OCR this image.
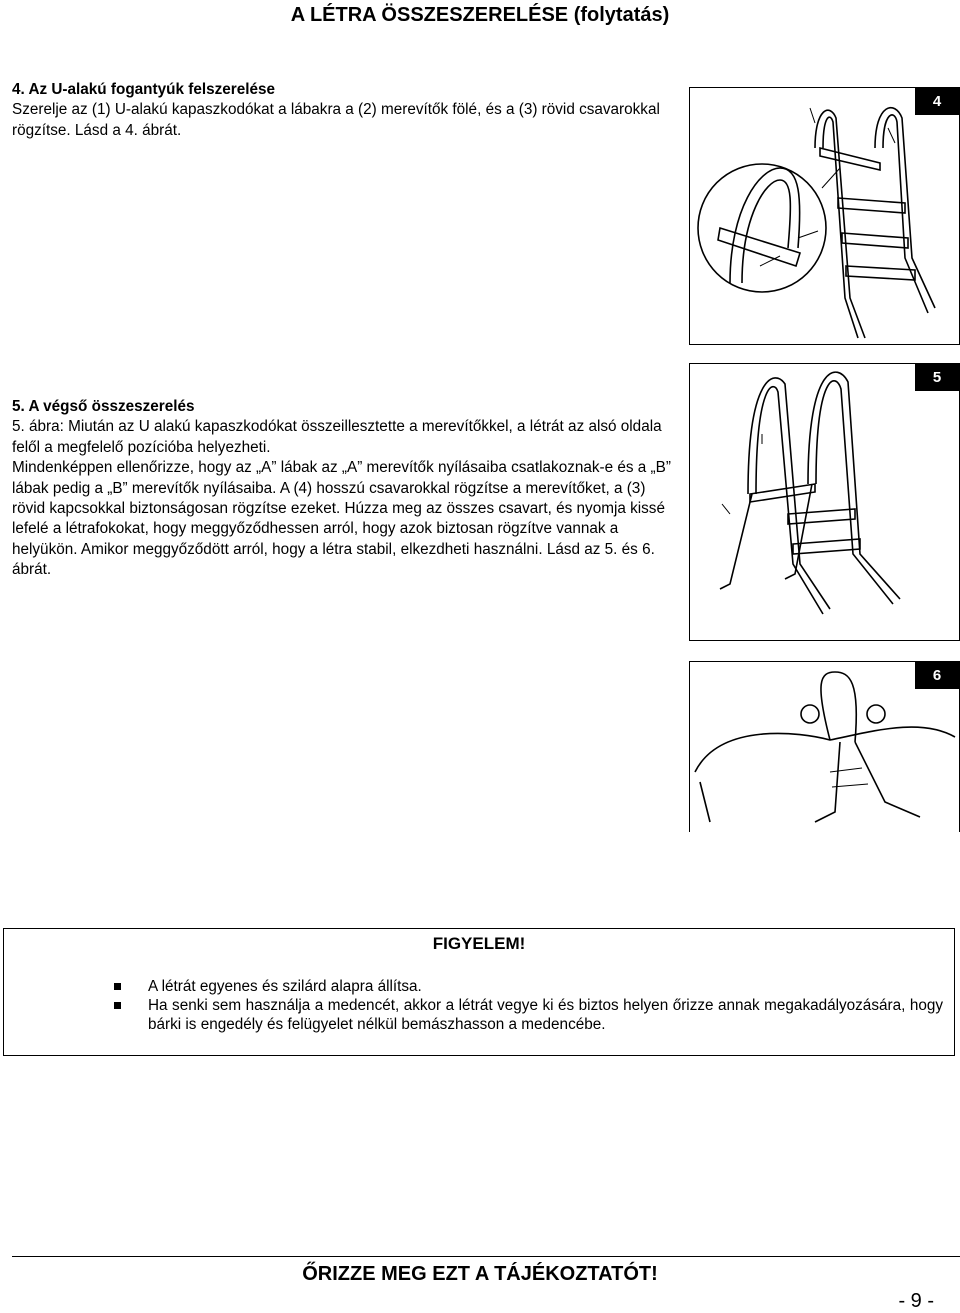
A LÉTRA ÖSSZESZERELÉSE (folytatás)
4. Az U-alakú fogantyúk felszerelése
Szerelje az (1) U-alakú kapaszkodókat a lábakra a (2) merevítők fölé, és a (3) rövid csavarokkal rögzítse. Lásd a 4. ábrát.
5. A végső összeszerelés
5. ábra: Miután az U alakú kapaszkodókat összeillesztette a merevítőkkel, a létrát az alsó oldala felől a megfelelő pozícióba helyezheti.
Mindenképpen ellenőrizze, hogy az „A” lábak az „A” merevítők nyílásaiba csatlakoznak-e és a „B” lábak pedig a „B” merevítők nyílásaiba. A (4) hosszú csavarokkal rögzítse a merevítőket, a (3) rövid kapcsokkal biztonságosan rögzítse ezeket. Húzza meg az összes csavart, és nyomja kissé lefelé a létrafokokat, hogy meggyőződhessen arról, hogy azok biztosan rögzítve vannak a helyükön. Amikor meggyőződött arról, hogy a létra stabil, elkezdheti használni. Lásd az 5. és 6. ábrát.
4
5
6
FIGYELEM!
A létrát egyenes és szilárd alapra állítsa.
Ha senki sem használja a medencét, akkor a létrát vegye ki és biztos helyen őrizze annak megakadályozására, hogy bárki is engedély és felügyelet nélkül bemászhasson a medencébe.
ŐRIZZE MEG EZT A TÁJÉKOZTATÓT!
- 9 -
